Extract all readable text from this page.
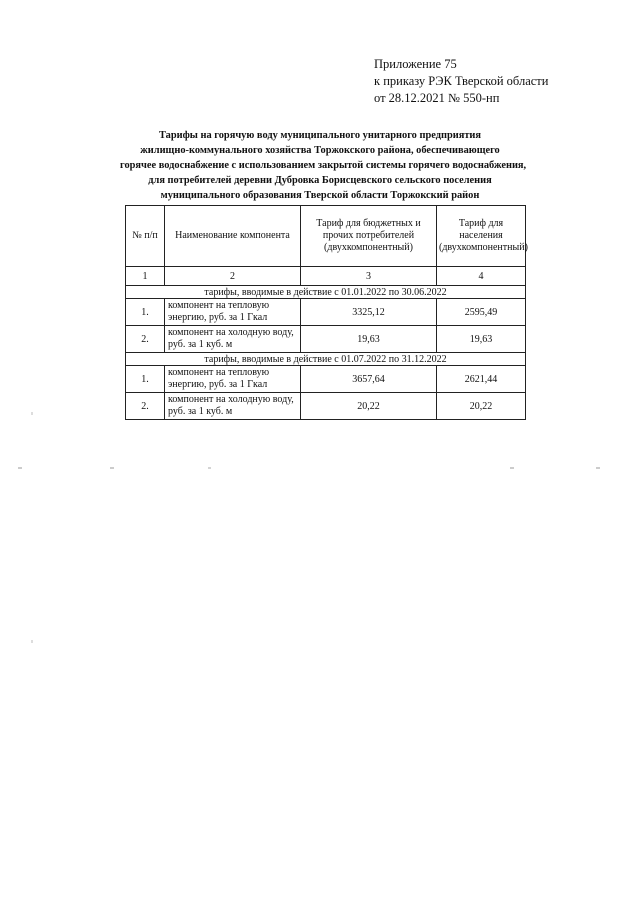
Приложение 75
к приказу РЭК Тверской области
от 28.12.2021 № 550-нп
Тарифы на горячую воду муниципального унитарного предприятия
жилищно-коммунального хозяйства Торжокского района, обеспечивающего
горячее водоснабжение с использованием закрытой системы горячего водоснабжения,
для потребителей деревни Дубровка Борисцевского сельского поселения
муниципального образования Тверской области Торжокский район
№ п/п	Наименование компонента	Тариф для бюджетных и прочих потребителей (двухкомпонентный)	Тариф для населения (двухкомпонентный)
1	2	3	4
тарифы, вводимые в действие с 01.01.2022 по 30.06.2022			
1.	компонент на тепловую энергию, руб. за 1 Гкал	3325,12	2595,49
2.	компонент на холодную воду, руб. за 1 куб. м	19,63	19,63
тарифы, вводимые в действие с 01.07.2022 по 31.12.2022			
1.	компонент на тепловую энергию, руб. за 1 Гкал	3657,64	2621,44
2.	компонент на холодную воду, руб. за 1 куб. м	20,22	20,22
